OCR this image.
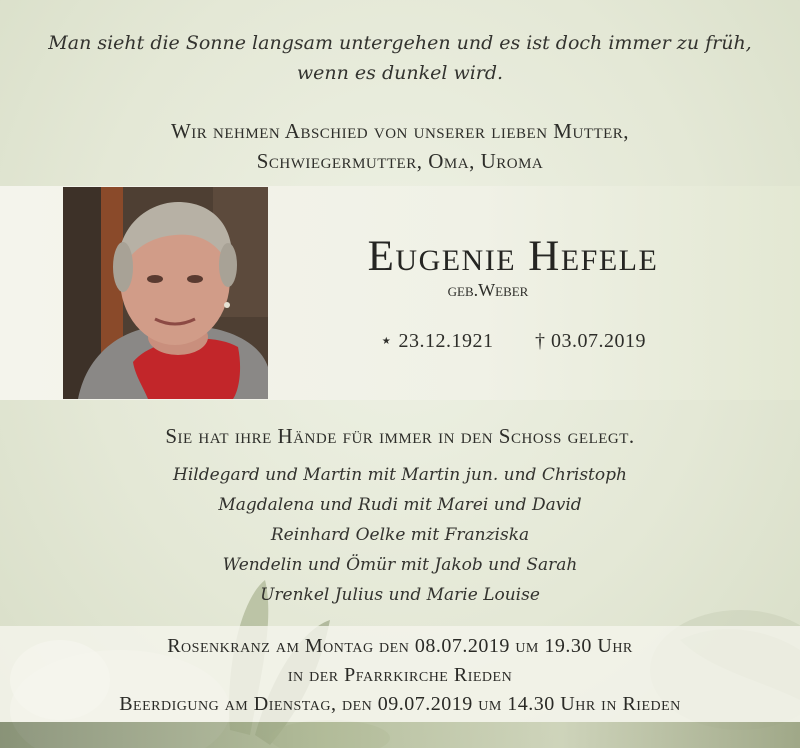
Man sieht die Sonne langsam untergehen und es ist doch immer zu früh,
wenn es dunkel wird.
Wir nehmen Abschied von unserer lieben Mutter,
Schwiegermutter, Oma, Uroma
Eugenie Hefele
geb.Weber
⋆ 23.12.1921 † 03.07.2019
Sie hat ihre Hände für immer in den Schoss gelegt.
Hildegard und Martin mit Martin jun. und Christoph
Magdalena und Rudi mit Marei und David
Reinhard Oelke mit Franziska
Wendelin und Ömür mit Jakob und Sarah
Urenkel Julius und Marie Louise
Rosenkranz am Montag den 08.07.2019 um 19.30 Uhr
in der Pfarrkirche Rieden
Beerdigung am Dienstag, den 09.07.2019 um 14.30 Uhr in Rieden
